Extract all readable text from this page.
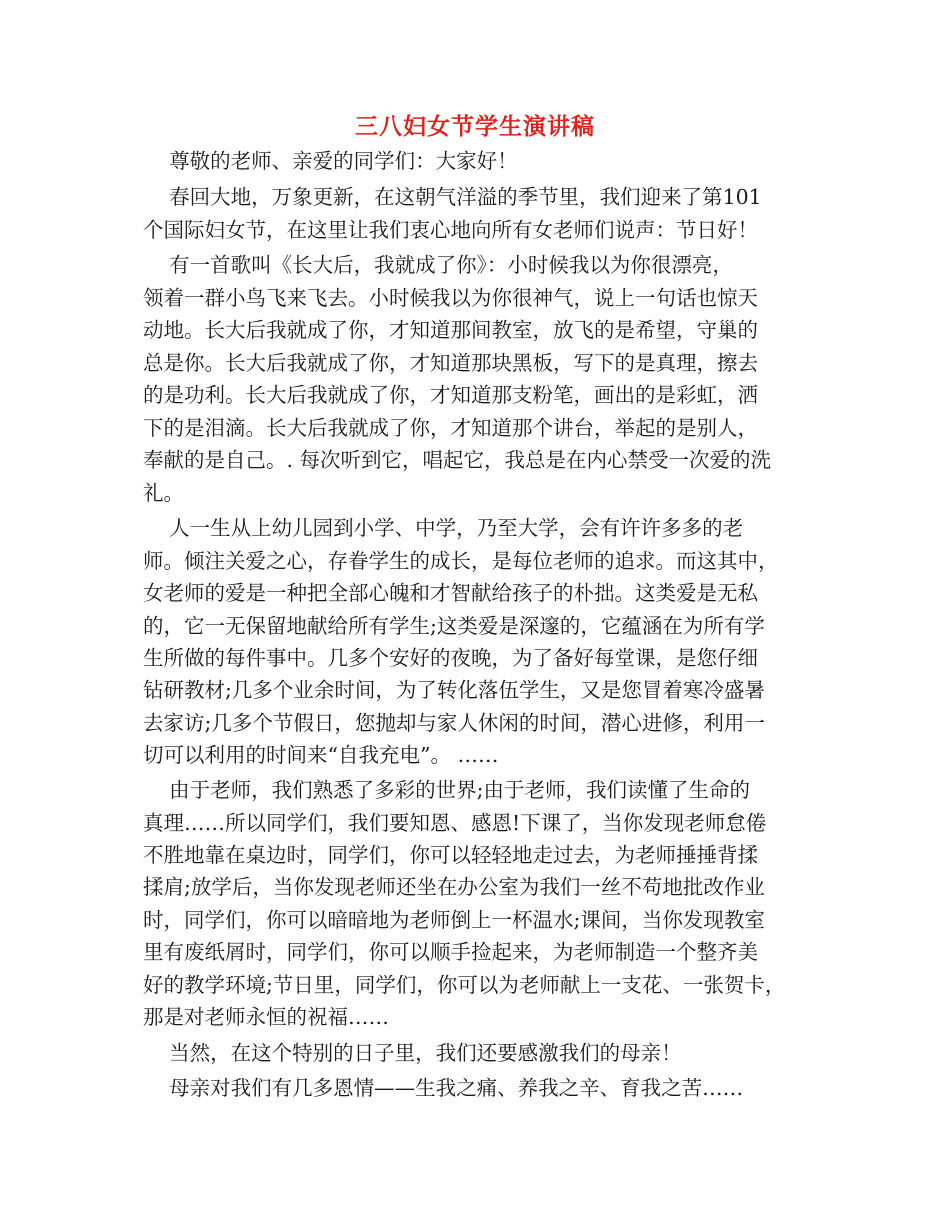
三八妇女节学生演讲稿
尊敬的老师、亲爱的同学们：大家好！
春回大地，万象更新，在这朝气洋溢的季节里，我们迎来了第101
个国际妇女节，在这里让我们衷心地向所有女老师们说声：节日好！
有一首歌叫《长大后，我就成了你》：小时候我以为你很漂亮，
领着一群小鸟飞来飞去。小时候我以为你很神气，说上一句话也惊天
动地。长大后我就成了你，才知道那间教室，放飞的是希望，守巢的
总是你。长大后我就成了你，才知道那块黑板，写下的是真理，擦去
的是功利。长大后我就成了你，才知道那支粉笔，画出的是彩虹，洒
下的是泪滴。长大后我就成了你，才知道那个讲台，举起的是别人，
奉献的是自己。. 每次听到它，唱起它，我总是在内心禁受一次爱的洗
礼。
人一生从上幼儿园到小学、中学，乃至大学，会有许许多多的老
师。倾注关爱之心，存眷学生的成长，是每位老师的追求。而这其中，
女老师的爱是一种把全部心魄和才智献给孩子的朴拙。这类爱是无私
的，它一无保留地献给所有学生;这类爱是深邃的，它蕴涵在为所有学
生所做的每件事中。几多个安好的夜晚，为了备好每堂课，是您仔细
钻研教材;几多个业余时间，为了转化落伍学生，又是您冒着寒冷盛暑
去家访;几多个节假日，您抛却与家人休闲的时间，潜心进修，利用一
切可以利用的时间来“自我充电”。 ……
由于老师，我们熟悉了多彩的世界;由于老师，我们读懂了生命的
真理……所以同学们，我们要知恩、感恩!下课了，当你发现老师怠倦
不胜地靠在桌边时，同学们，你可以轻轻地走过去，为老师捶捶背揉
揉肩;放学后，当你发现老师还坐在办公室为我们一丝不苟地批改作业
时，同学们，你可以暗暗地为老师倒上一杯温水;课间，当你发现教室
里有废纸屑时，同学们，你可以顺手捡起来，为老师制造一个整齐美
好的教学环境;节日里，同学们，你可以为老师献上一支花、一张贺卡，
那是对老师永恒的祝福……
当然，在这个特别的日子里，我们还要感激我们的母亲！
母亲对我们有几多恩情——生我之痛、养我之辛、育我之苦……
